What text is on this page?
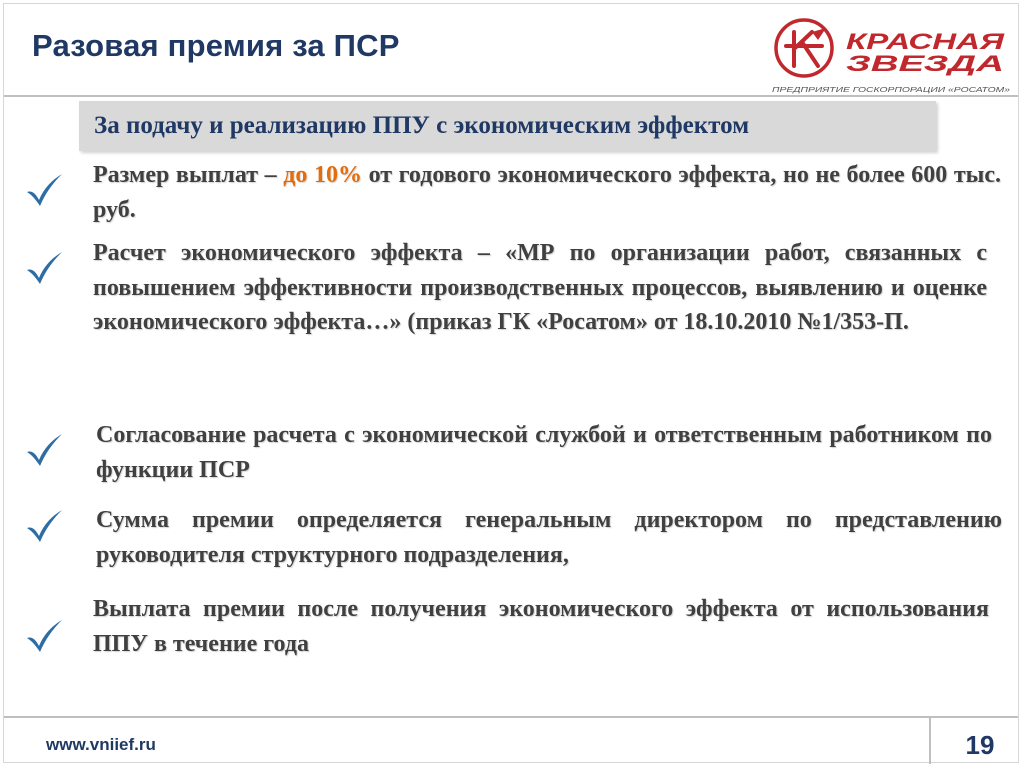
Разовая премия за ПСР	КРАСНАЯ
ЗВЕЗДА
ПРЕДПРИЯТИЕ ГОСКОРПОРАЦИИ «РОСАТОМ»
За подачу и реализацию ППУ с экономическим эффектом
Размер выплат – до 10% от годового экономического эффекта, но не более 600 тыс. руб.
Расчет экономического эффекта – «МР по организации работ, связанных с повышением эффективности производственных процессов, выявлению и оценке экономического эффекта…» (приказ ГК «Росатом» от 18.10.2010 №1/353-П.
Согласование расчета с экономической службой и ответственным работником по функции ПСР
Сумма премии определяется генеральным директором по представлению руководителя структурного подразделения,
Выплата премии после получения экономического эффекта от использования ППУ в течение года
www.vniief.ru	19
